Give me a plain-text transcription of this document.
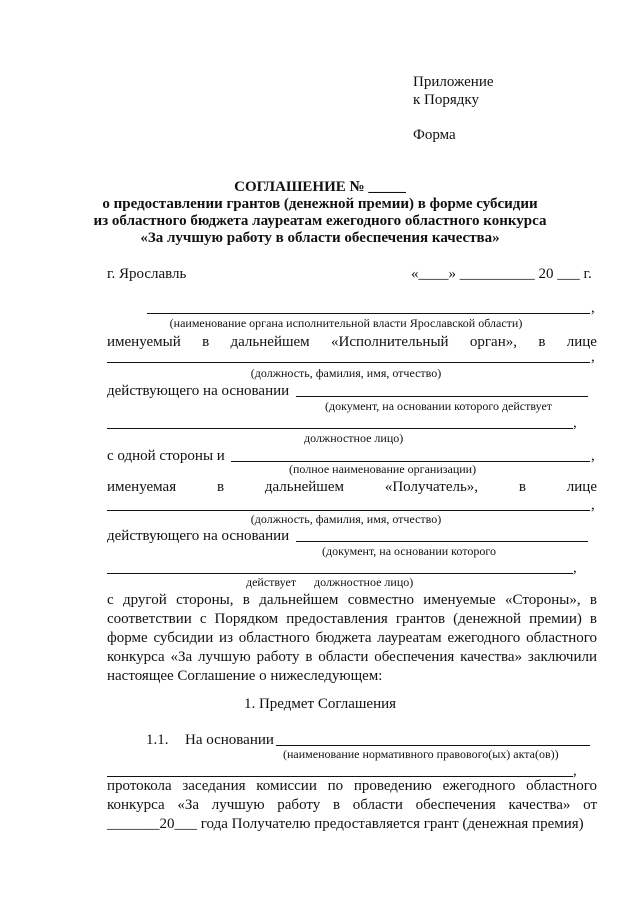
Приложение
к Порядку
Форма
СОГЛАШЕНИЕ № _____
о предоставлении грантов (денежной премии) в форме субсидии
из областного бюджета лауреатам ежегодного областного конкурса
«За лучшую работу в области обеспечения качества»
г. Ярославль	«____» __________ 20 ___ г.
,
(наименование органа исполнительной власти Ярославской области)
именуемый в дальнейшем «Исполнительный орган», в лице
,
(должность, фамилия, имя, отчество)
действующего на основании
(документ, на основании которого действует
,
должностное лицо)
с одной стороны и	,
(полное наименование организации)
именуемая	в	дальнейшем	«Получатель»,	в	лице
,
(должность, фамилия, имя, отчество)
действующего на основании
(документ, на основании которого
,
действует должностное лицо)
с другой стороны, в дальнейшем совместно именуемые «Стороны», в соответствии с Порядком предоставления грантов (денежной премии) в форме субсидии из областного бюджета лауреатам ежегодного областного конкурса «За лучшую работу в области обеспечения качества» заключили настоящее Соглашение о нижеследующем:
1. Предмет Соглашения
1.1. На основании
(наименование нормативного правового(ых) акта(ов))
,
протокола заседания комиссии по проведению ежегодного областного конкурса «За лучшую работу в области обеспечения качества» от _______20___ года Получателю предоставляется грант (денежная премия)
